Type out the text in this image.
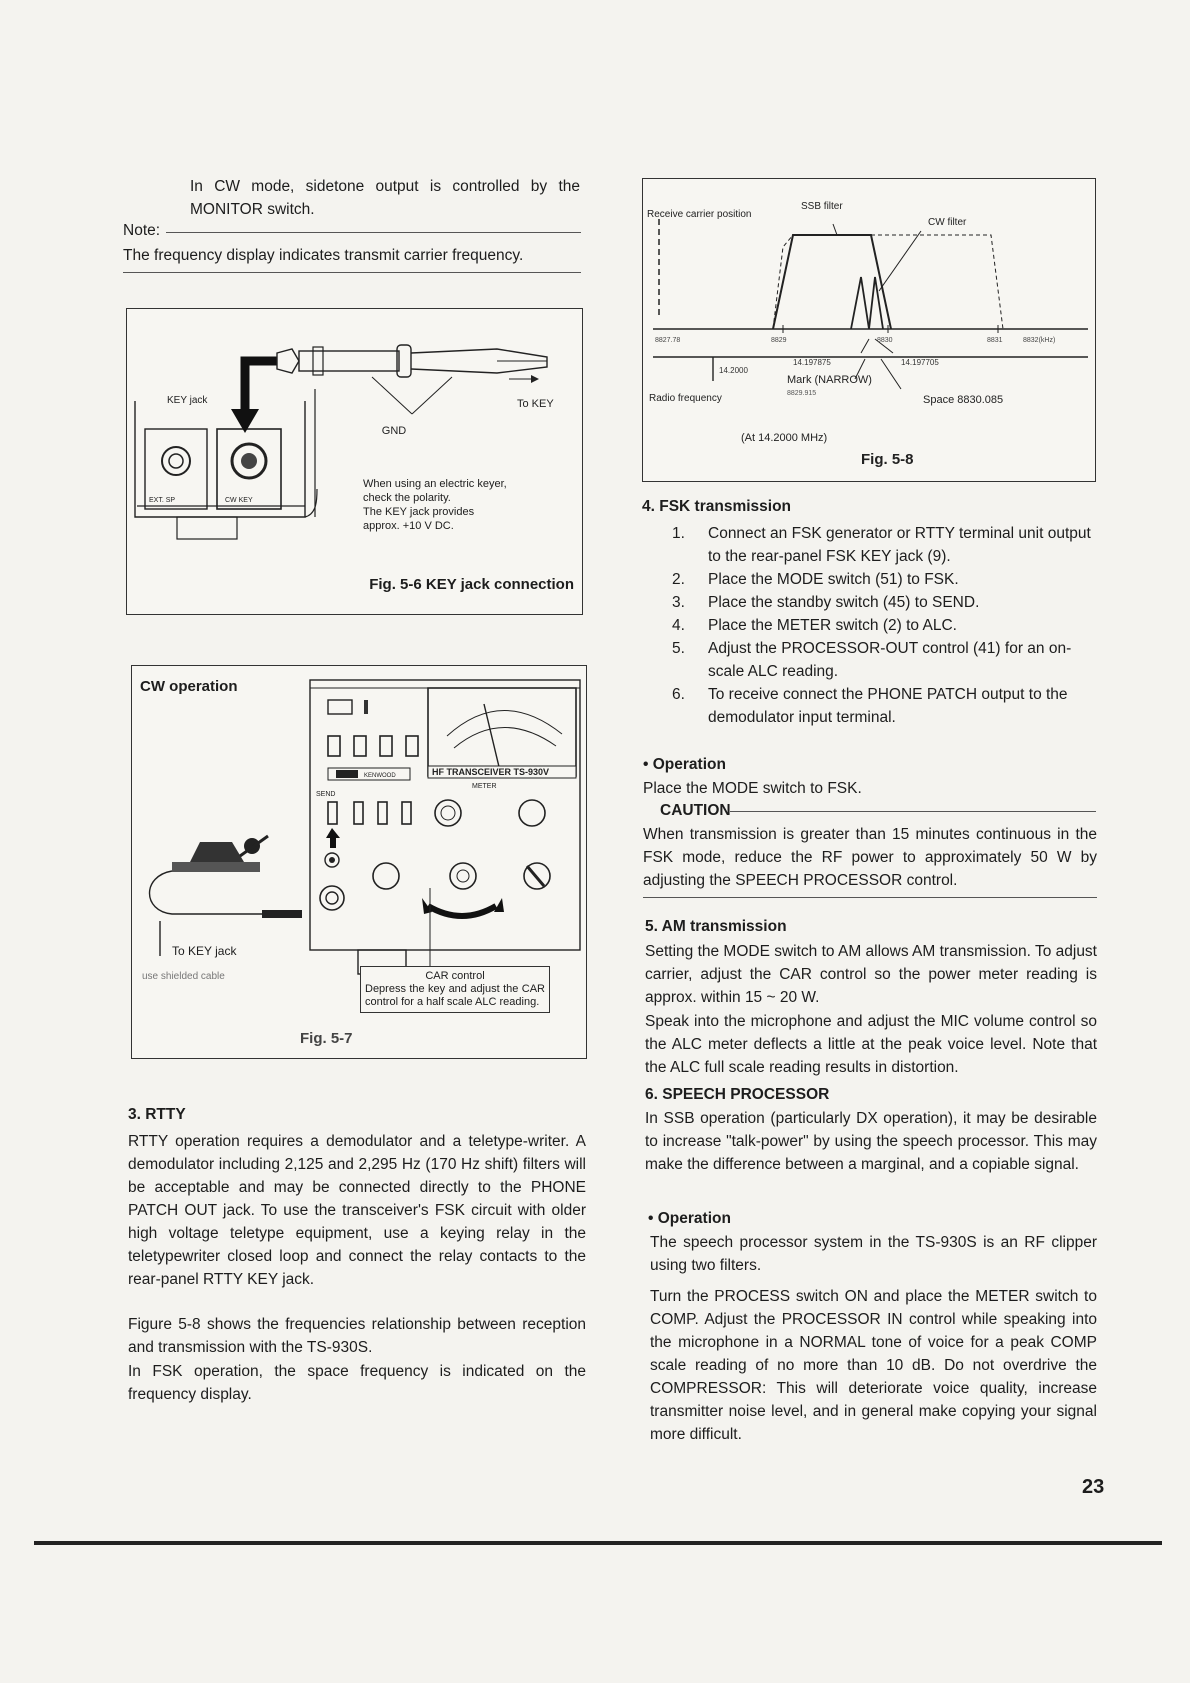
In CW mode, sidetone output is controlled by the MONITOR switch.

Note:

The frequency display indicates transmit carrier frequency.

KEY jack
GND
To KEY
EXT. SP	CW KEY
When using an electric keyer,
check the polarity.
The KEY jack provides
approx. +10 V DC.
Fig. 5-6 KEY jack connection
CW operation
KENWOOD	HF TRANSCEIVER TS-930V
METER
SEND
To KEY jack
use shielded cable	CAR control
Depress the key and adjust the CAR control for a half scale ALC reading.
Fig. 5-7

3. RTTY

RTTY operation requires a demodulator and a teletype-writer. A demodulator including 2,125 and 2,295 Hz (170 Hz shift) filters will be acceptable and may be connected directly to the PHONE PATCH OUT jack. To use the transceiver's FSK circuit with older high voltage teletype equipment, use a keying relay in the teletypewriter closed loop and connect the relay contacts to the rear-panel RTTY KEY jack.

Figure 5-8 shows the frequencies relationship between reception and transmission with the TS-930S.

In FSK operation, the space frequency is indicated on the frequency display.

Receive carrier position
SSB filter
CW filter
8827.78	8829	8830	8831	8832(kHz)
14.197875	14.197705
14.2000
Mark (NARROW)
8829.915
Radio frequency	Space 8830.085
(At 14.2000 MHz)
Fig. 5-8

4. FSK transmission

1. Connect an FSK generator or RTTY terminal unit output to the rear-panel FSK KEY jack (9).
2. Place the MODE switch (51) to FSK.
3. Place the standby switch (45) to SEND.
4. Place the METER switch (2) to ALC.
5. Adjust the PROCESSOR-OUT control (41) for an on-scale ALC reading.
6. To receive connect the PHONE PATCH output to the demodulator input terminal.

• Operation

Place the MODE switch to FSK.

CAUTION

When transmission is greater than 15 minutes continuous in the FSK mode, reduce the RF power to approximately 50 W by adjusting the SPEECH PROCESSOR control.

5. AM transmission

Setting the MODE switch to AM allows AM transmission. To adjust carrier, adjust the CAR control so the power meter reading is approx. within 15 ~ 20 W.

Speak into the microphone and adjust the MIC volume control so the ALC meter deflects a little at the peak voice level. Note that the ALC full scale reading results in distortion.

6. SPEECH PROCESSOR

In SSB operation (particularly DX operation), it may be desirable to increase "talk-power" by using the speech processor. This may make the difference between a marginal, and a copiable signal.

• Operation

The speech processor system in the TS-930S is an RF clipper using two filters.

Turn the PROCESS switch ON and place the METER switch to COMP. Adjust the PROCESSOR IN control while speaking into the microphone in a NORMAL tone of voice for a peak COMP scale reading of no more than 10 dB. Do not overdrive the COMPRESSOR: This will deteriorate voice quality, increase transmitter noise level, and in general make copying your signal more difficult.

23
